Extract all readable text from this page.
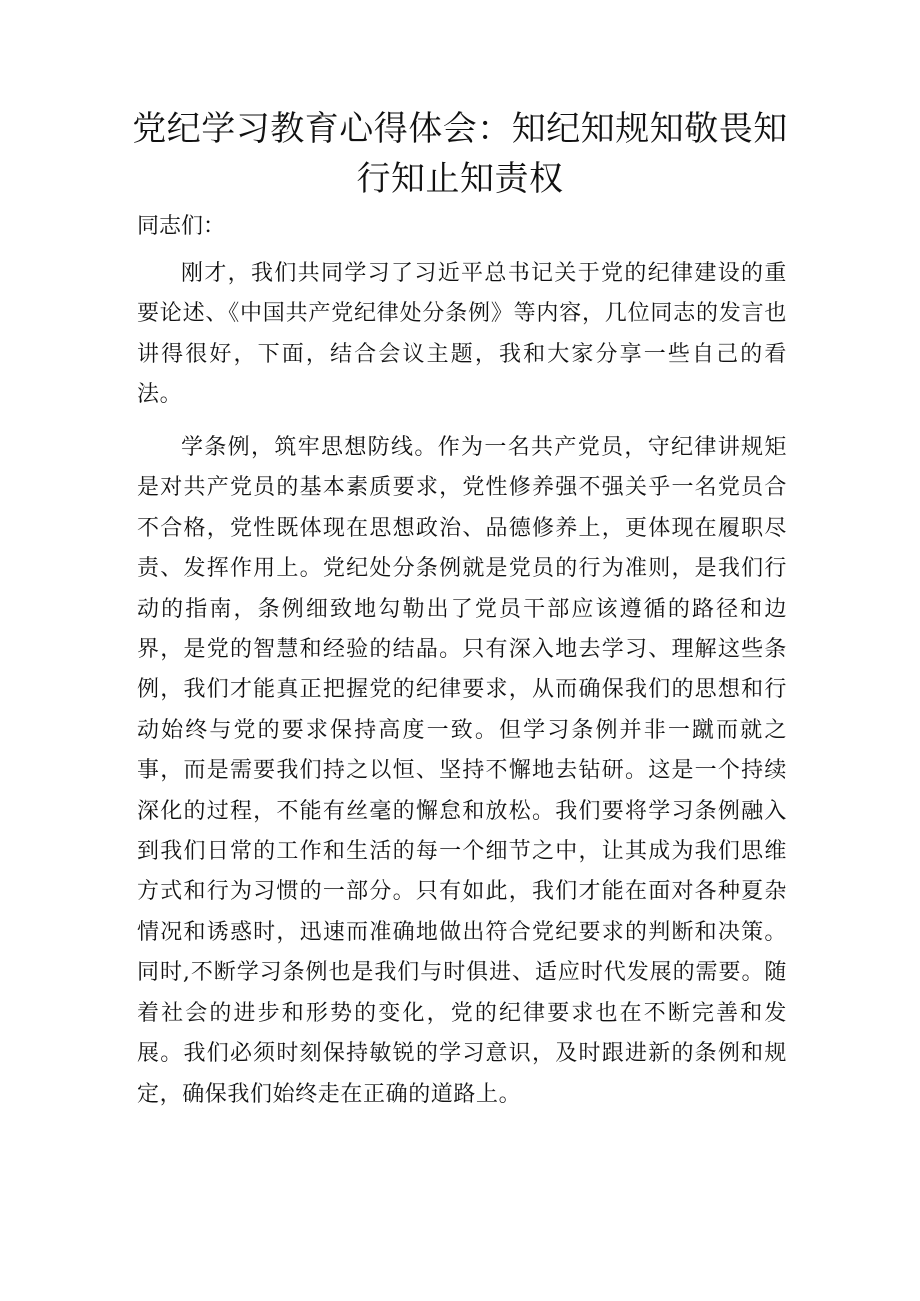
党纪学习教育心得体会：知纪知规知敬畏知
行知止知责权

同志们：

刚才，我们共同学习了习近平总书记关于党的纪律建设的重要论述、《中国共产党纪律处分条例》等内容，几位同志的发言也讲得很好，下面，结合会议主题，我和大家分享一些自己的看法。

学条例，筑牢思想防线。作为一名共产党员，守纪律讲规矩是对共产党员的基本素质要求，党性修养强不强关乎一名党员合不合格，党性既体现在思想政治、品德修养上，更体现在履职尽责、发挥作用上。党纪处分条例就是党员的行为准则，是我们行动的指南，条例细致地勾勒出了党员干部应该遵循的路径和边界，是党的智慧和经验的结晶。只有深入地去学习、理解这些条例，我们才能真正把握党的纪律要求，从而确保我们的思想和行动始终与党的要求保持高度一致。但学习条例并非一蹴而就之事，而是需要我们持之以恒、坚持不懈地去钻研。这是一个持续深化的过程，不能有丝毫的懈怠和放松。我们要将学习条例融入到我们日常的工作和生活的每一个细节之中，让其成为我们思维方式和行为习惯的一部分。只有如此，我们才能在面对各种夏杂情况和诱惑时，迅速而准确地做出符合党纪要求的判断和决策。同时,不断学习条例也是我们与时俱进、适应时代发展的需要。随着社会的进步和形势的变化，党的纪律要求也在不断完善和发展。我们必须时刻保持敏锐的学习意识，及时跟进新的条例和规定，确保我们始终走在正确的道路上。
